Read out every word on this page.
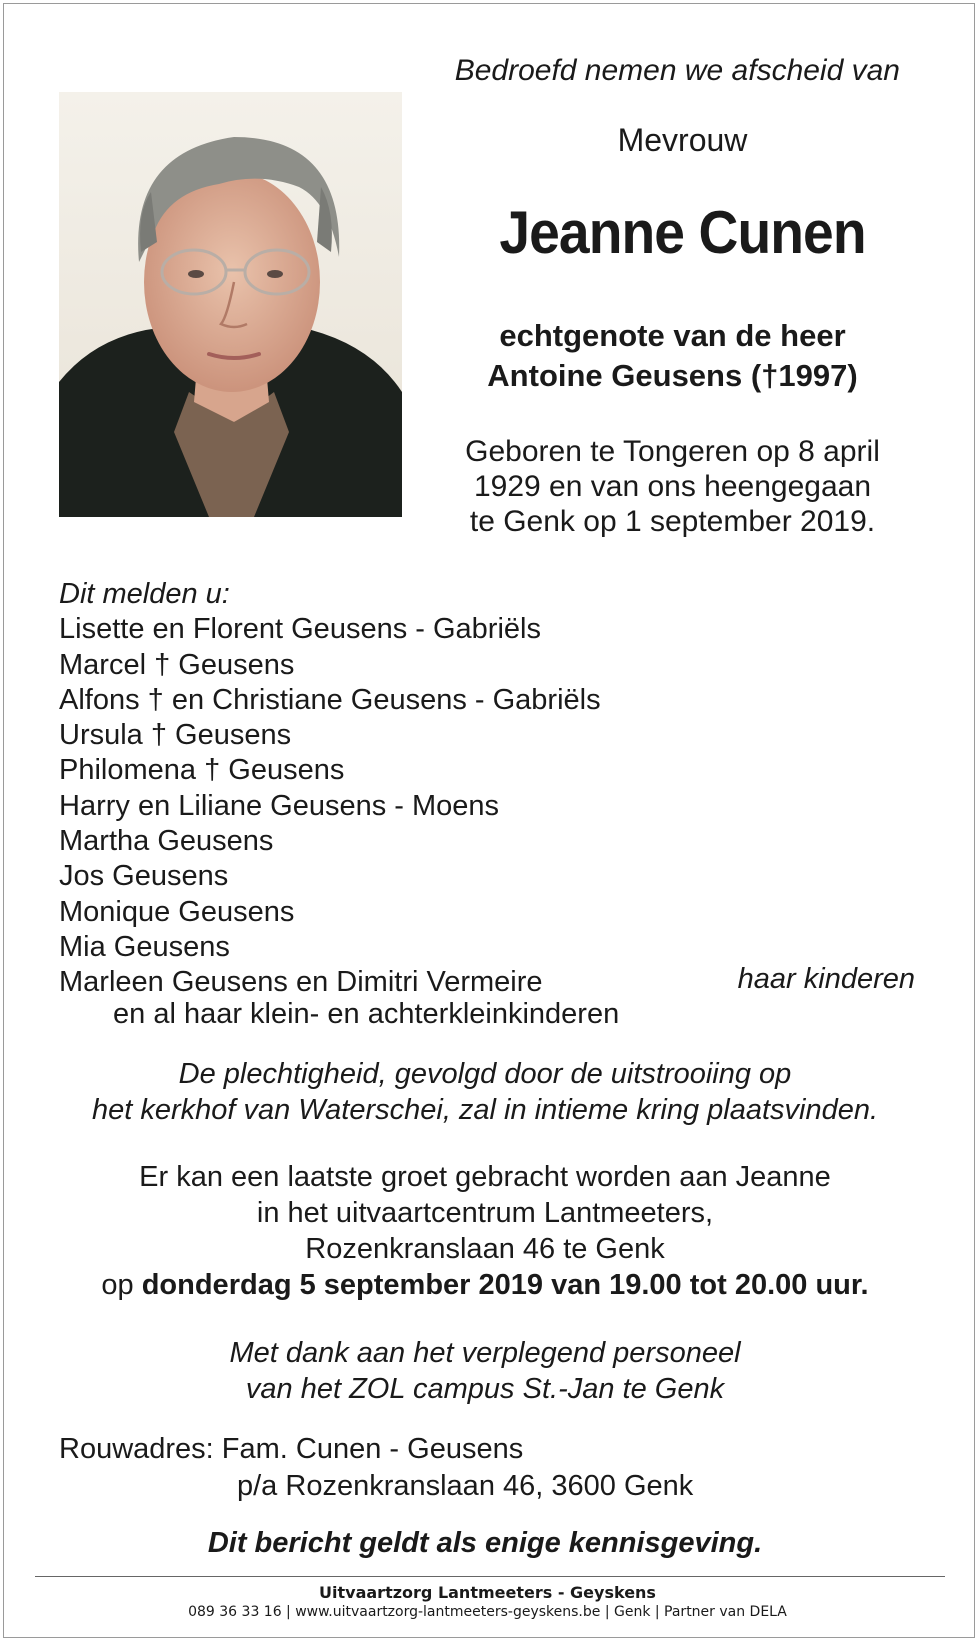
Bedroefd nemen we afscheid van
Mevrouw
Jeanne Cunen
echtgenote van de heer
Antoine Geusens (†1997)
Geboren te Tongeren op 8 april
1929 en van ons heengegaan
te Genk op 1 september 2019.
Dit melden u:
Lisette en Florent Geusens - Gabriëls
Marcel † Geusens
Alfons † en Christiane Geusens - Gabriëls
Ursula † Geusens
Philomena † Geusens
Harry en Liliane Geusens - Moens
Martha Geusens
Jos Geusens
Monique Geusens
Mia Geusens
Marleen Geusens en Dimitri Vermeire	haar kinderen
en al haar klein- en achterkleinkinderen
De plechtigheid, gevolgd door de uitstrooiing op
het kerkhof van Waterschei, zal in intieme kring plaatsvinden.
Er kan een laatste groet gebracht worden aan Jeanne
in het uitvaartcentrum Lantmeeters,
Rozenkranslaan 46 te Genk
op donderdag 5 september 2019 van 19.00 tot 20.00 uur.
Met dank aan het verplegend personeel
van het ZOL campus St.-Jan te Genk
Rouwadres: Fam. Cunen - Geusens
p/a Rozenkranslaan 46, 3600 Genk
Dit bericht geldt als enige kennisgeving.
Uitvaartzorg Lantmeeters - Geyskens
089 36 33 16 | www.uitvaartzorg-lantmeeters-geyskens.be | Genk | Partner van DELA
